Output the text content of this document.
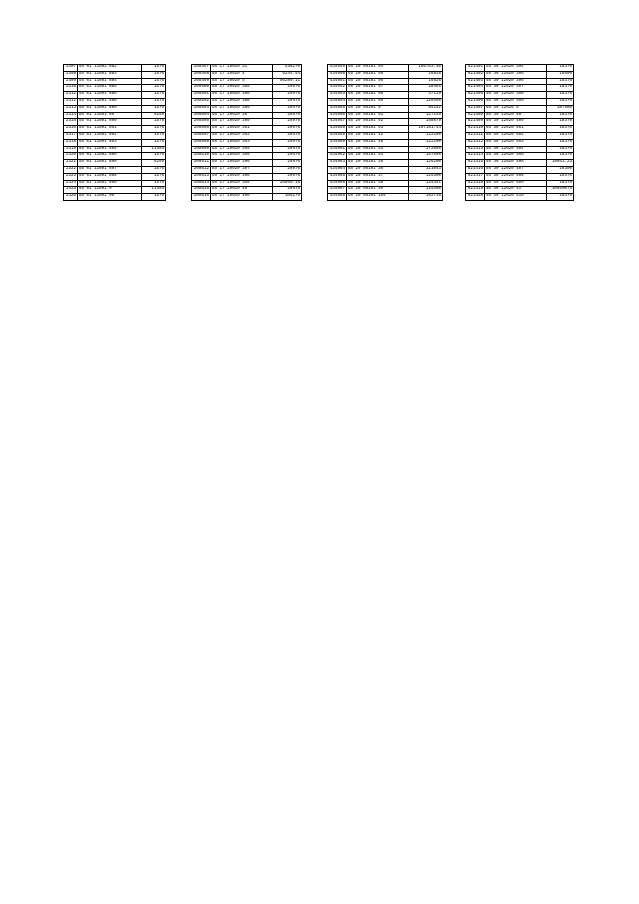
2307	55 01 11601 882	1576
2308	55 01 11601 883	1576
2309	55 01 11601 884	1576
2310	55 01 11601 885	1576
2311	55 01 11601 886	1576
2312	55 01 11601 888	1576
2313	55 01 11601 889	1576
2314	55 01 11601 89	5259
2315	55 01 11601 890	1576
2316	55 01 11601 891	1576
2317	55 01 11601 892	1576
2318	55 01 11601 893	1576
2319	55 01 11601 894	11355
2320	55 01 11601 895	1576
2321	55 01 11601 896	5259
2322	55 01 11601 897	1576
2323	55 01 11601 898	1576
2324	55 01 11601 899	1576
2325	55 01 11601 9	11355
2326	55 01 11601 90	1576
208497	55 17 29020 31	438270
208498	55 17 29020 4	5244.44
208499	55 17 29020 5	56280.11
208500	55 17 29020 385	29976
208501	55 17 29020 386	29976
208502	55 17 29020 388	29976
208503	55 17 29020 389	29976
208504	55 17 29020 39	29976
208505	55 17 29020 390	29976
208506	55 17 29020 391	29976
208507	55 17 29020 392	29976
208508	55 17 29020 393	29976
208509	55 17 29020 394	29976
208510	55 17 29020 395	29976
208511	55 17 29020 396	29976
208512	55 17 29020 397	29976
208513	55 17 29020 398	29976
208514	55 17 29020 399	26050.16
208515	55 17 29020 40	29976
208516	55 17 29020 400	106276
434949	55 20 05101 94	105763.56
434950	55 20 05101 95	16826
434951	55 20 05101 96	16826
434952	55 20 05101 97	28465
434953	55 20 05101 98	47119
434954	55 20 05101 99	120360
434955	55 20 05101 9	84152
434956	55 20 05101 91	127145
434957	55 20 05101 92	158879
434958	55 20 05101 93	107161.44
434959	55 20 05101 12	122100
434960	55 20 05101 40	122100
434961	55 20 05101 33	172595
434962	55 20 05101 34	157590
434963	55 20 05101 35	126200
434964	55 20 05101 36	111043
434965	55 20 05101 37	125300
434966	55 20 05101 38	124441
434967	55 20 05101 39	115300
434968	55 20 05101 104	162716
621401	55 30 12020 394	18370
621402	55 30 12020 395	16600
621403	55 30 12020 396	18370
621404	55 30 12020 397	18370
621405	55 30 12020 398	18370
621406	55 30 12020 399	18370
621407	55 30 12020 4	187980
621408	55 30 12020 40	18370
621409	55 30 12020 400	18370
621410	55 30 12020 401	18370
621411	55 30 12020 402	18370
621412	55 30 12020 403	18370
621413	55 30 12020 404	18370
621414	55 30 12020 405	18370
621415	55 30 12020 406	18951.23
621416	55 30 12020 407	18300
621417	55 30 12020 408	18370
621418	55 30 12020 409	18370
621419	55 30 12020 41	10950075
621420	55 30 12020 410	18370
